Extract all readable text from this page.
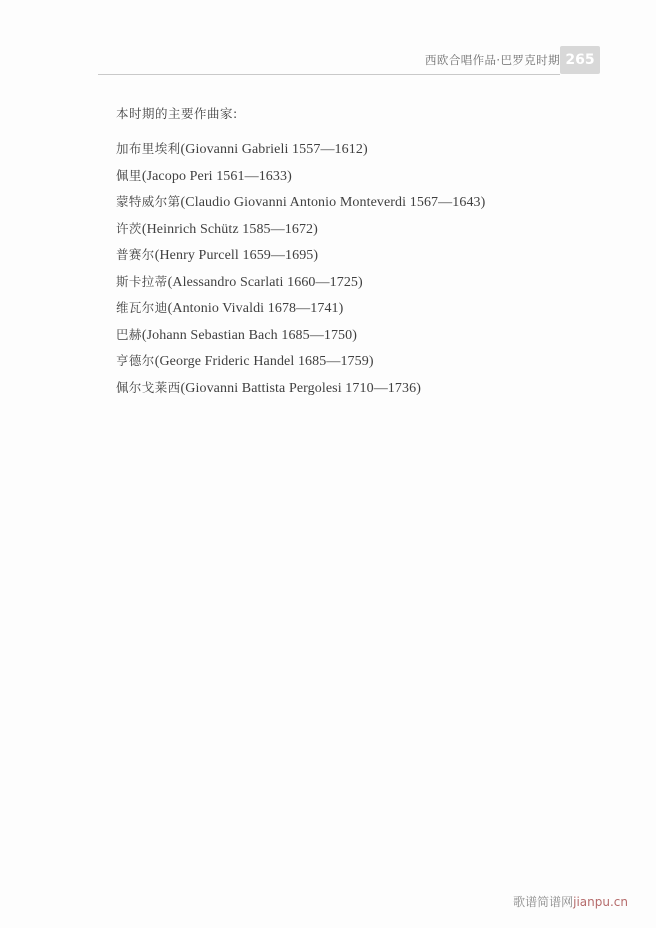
西欧合唱作品·巴罗克时期 265
本时期的主要作曲家:
加布里埃利(Giovanni Gabrieli 1557—1612)
佩里(Jacopo Peri 1561—1633)
蒙特威尔第(Claudio Giovanni Antonio Monteverdi 1567—1643)
许茨(Heinrich Schütz 1585—1672)
普赛尔(Henry Purcell 1659—1695)
斯卡拉蒂(Alessandro Scarlati 1660—1725)
维瓦尔迪(Antonio Vivaldi 1678—1741)
巴赫(Johann Sebastian Bach 1685—1750)
亨德尔(George Frideric Handel 1685—1759)
佩尔戈莱西(Giovanni Battista Pergolesi 1710—1736)
歌谱简谱网jianpu.cn
